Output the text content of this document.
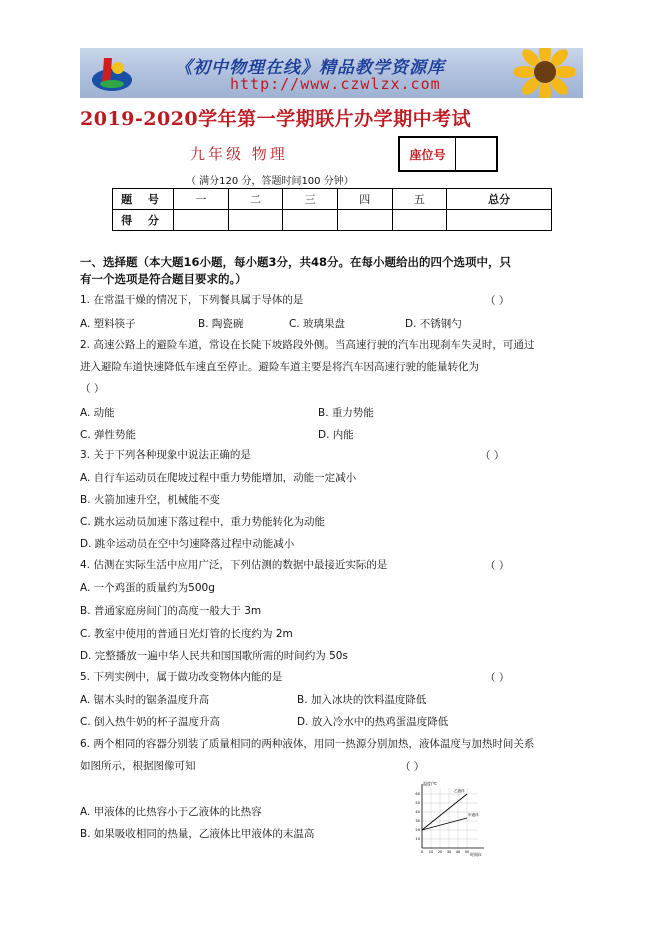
《初中物理在线》精品教学资源库
http://www.czwlzx.com
2019-2020学年第一学期联片办学期中考试
九年级 物理	座位号
（ 满分120 分，答题时间100 分钟）
题 号	一	二	三	四	五	总分
得 分						
一、选择题（本大题16小题，每小题3分，共48分。在每小题给出的四个选项中，只
有一个选项是符合题目要求的。）
1. 在常温干燥的情况下，下列餐具属于导体的是	（ ）
A. 塑料筷子	B. 陶瓷碗	C. 玻璃果盘	D. 不锈钢勺
2. 高速公路上的避险车道，常设在长陡下坡路段外侧。当高速行驶的汽车出现刹车失灵时，可通过
进入避险车道快速降低车速直至停止。避险车道主要是将汽车因高速行驶的能量转化为
（ ）
A. 动能	B. 重力势能
C. 弹性势能	D. 内能
3. 关于下列各种现象中说法正确的是	（ ）
A. 自行车运动员在爬坡过程中重力势能增加，动能一定减小
B. 火箭加速升空，机械能不变
C. 跳水运动员加速下落过程中，重力势能转化为动能
D. 跳伞运动员在空中匀速降落过程中动能减小
4. 估测在实际生活中应用广泛，下列估测的数据中最接近实际的是	（ ）
A. 一个鸡蛋的质量约为500g
B. 普通家庭房间门的高度一般大于 3m
C. 教室中使用的普通日光灯管的长度约为 2m
D. 完整播放一遍中华人民共和国国歌所需的时间约为 50s
5. 下列实例中，属于做功改变物体内能的是	（ ）
A. 锯木头时的锯条温度升高	B. 加入冰块的饮料温度降低
C. 倒入热牛奶的杯子温度升高	D. 放入冷水中的热鸡蛋温度降低
6. 两个相同的容器分别装了质量相同的两种液体，用同一热源分别加热，液体温度与加热时间关系
如图所示，根据图像可知	（ ）
A. 甲液体的比热容小于乙液体的比热容
B. 如果吸收相同的热量，乙液体比甲液体的末温高
温度/℃
时间/s
乙液体
甲液体
60
50
40
30
20
10
0 10 20 30 40 50
